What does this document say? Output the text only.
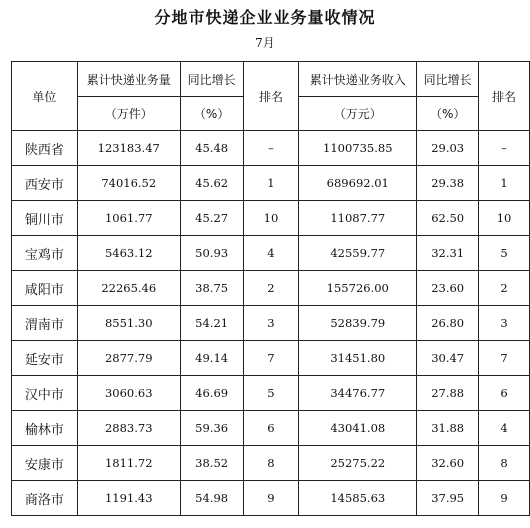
分地市快递企业业务量收情况
7月
单位	累计快递业务量	同比增长	排名	累计快递业务收入	同比增长	排名
	（万件）	（%）		（万元）	（%）	
陕西省	123183.47	45.48	–	1100735.85	29.03	–
西安市	74016.52	45.62	1	689692.01	29.38	1
铜川市	1061.77	45.27	10	11087.77	62.50	10
宝鸡市	5463.12	50.93	4	42559.77	32.31	5
咸阳市	22265.46	38.75	2	155726.00	23.60	2
渭南市	8551.30	54.21	3	52839.79	26.80	3
延安市	2877.79	49.14	7	31451.80	30.47	7
汉中市	3060.63	46.69	5	34476.77	27.88	6
榆林市	2883.73	59.36	6	43041.08	31.88	4
安康市	1811.72	38.52	8	25275.22	32.60	8
商洛市	1191.43	54.98	9	14585.63	37.95	9
